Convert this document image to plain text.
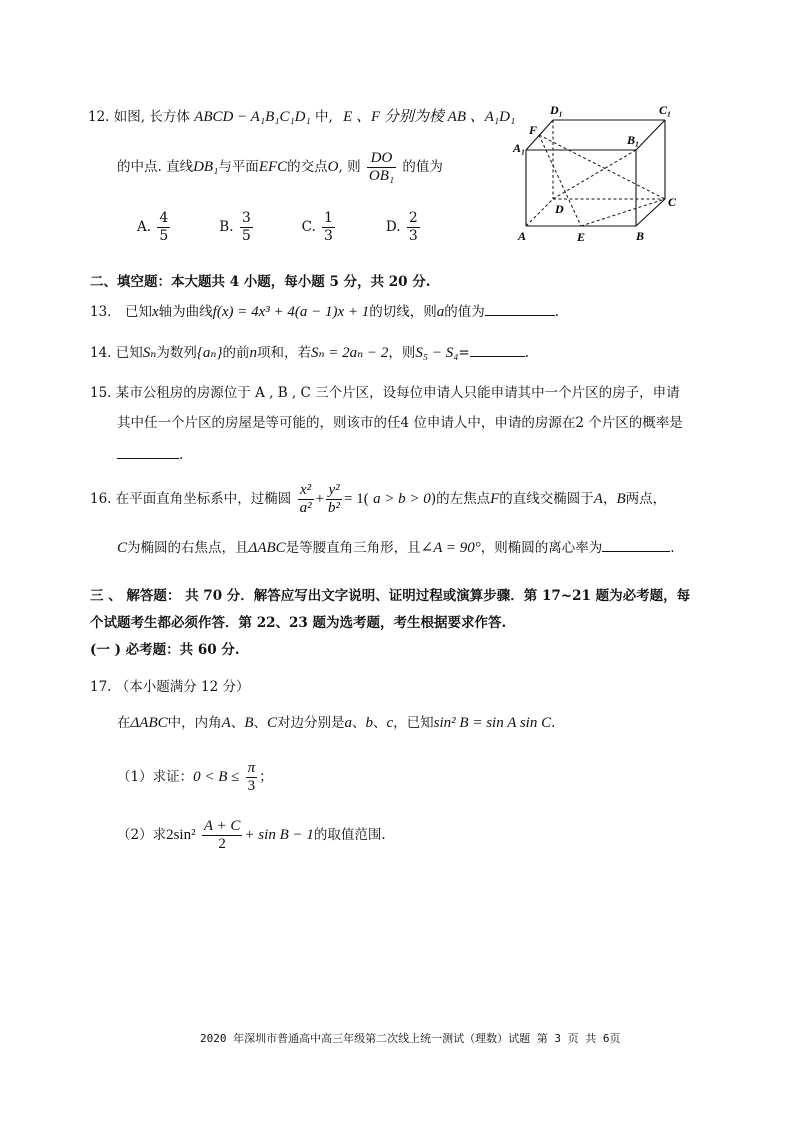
12. 如图, 长方体 ABCD − A₁B₁C₁D₁ 中, E 、F 分别为棱 AB 、A₁D₁
的中点. 直线DB₁与平面EFC的交点O, 则 $\frac{DO}{\text{OB₁}}$ 的值为
A. $\frac{4}{5}$	B. $\frac{3}{5}$	C. $\frac{1}{3}$	D. $\frac{2}{3}$
D₁	C₁
F
B₁
A₁
D	C
A	E	B
二、填空题：本大题共 4 小题，每小题 5 分，共 20 分.
13． 已知x轴为曲线f(x) = 4x³ + 4(a − 1)x + 1的切线，则a的值为	.
14. 已知Sₙ为数列{aₙ}的前n项和，若Sₙ = 2aₙ − 2，则S₅ − S₄=	.
15. 某市公租房的房源位于 A , B , C 三个片区，设每位申请人只能申请其中一个片区的房子，申请
其中任一个片区的房屋是等可能的，则该市的任4 位申请人中，申请的房源在2 个片区的概率是
.
16. 在平面直角坐标系中，过椭圆 $\frac{\text{x²}}{\text{a²}} + \frac{\text{y²}}{\text{b²}} = 1$( a > b > 0)的左焦点F的直线交椭圆于A，B两点，
C为椭圆的右焦点，且ΔABC是等腰直角三角形，且∠A = 90°，则椭圆的离心率为	.
三 、 解答题： 共 70 分．解答应写出文字说明、证明过程或演算步骤．第 17~21 题为必考题，每
个试题考生都必须作答．第 22、23 题为选考题，考生根据要求作答.
(一 ) 必考题：共 60 分.
17. （本小题满分 12 分）
在ΔABC中，内角A、B、C对边分别是a、b、c，已知sin² B = sin A sin C.
（1）求证：$0 < B \le \frac{\pi}{3}$ ；
（2）求$2\sin^2 \frac{A + C}{2} + \sin B - 1$的取值范围.
2020 年深圳市普通高中高三年级第二次线上统一测试（理数）试题 第 3 页 共 6页
